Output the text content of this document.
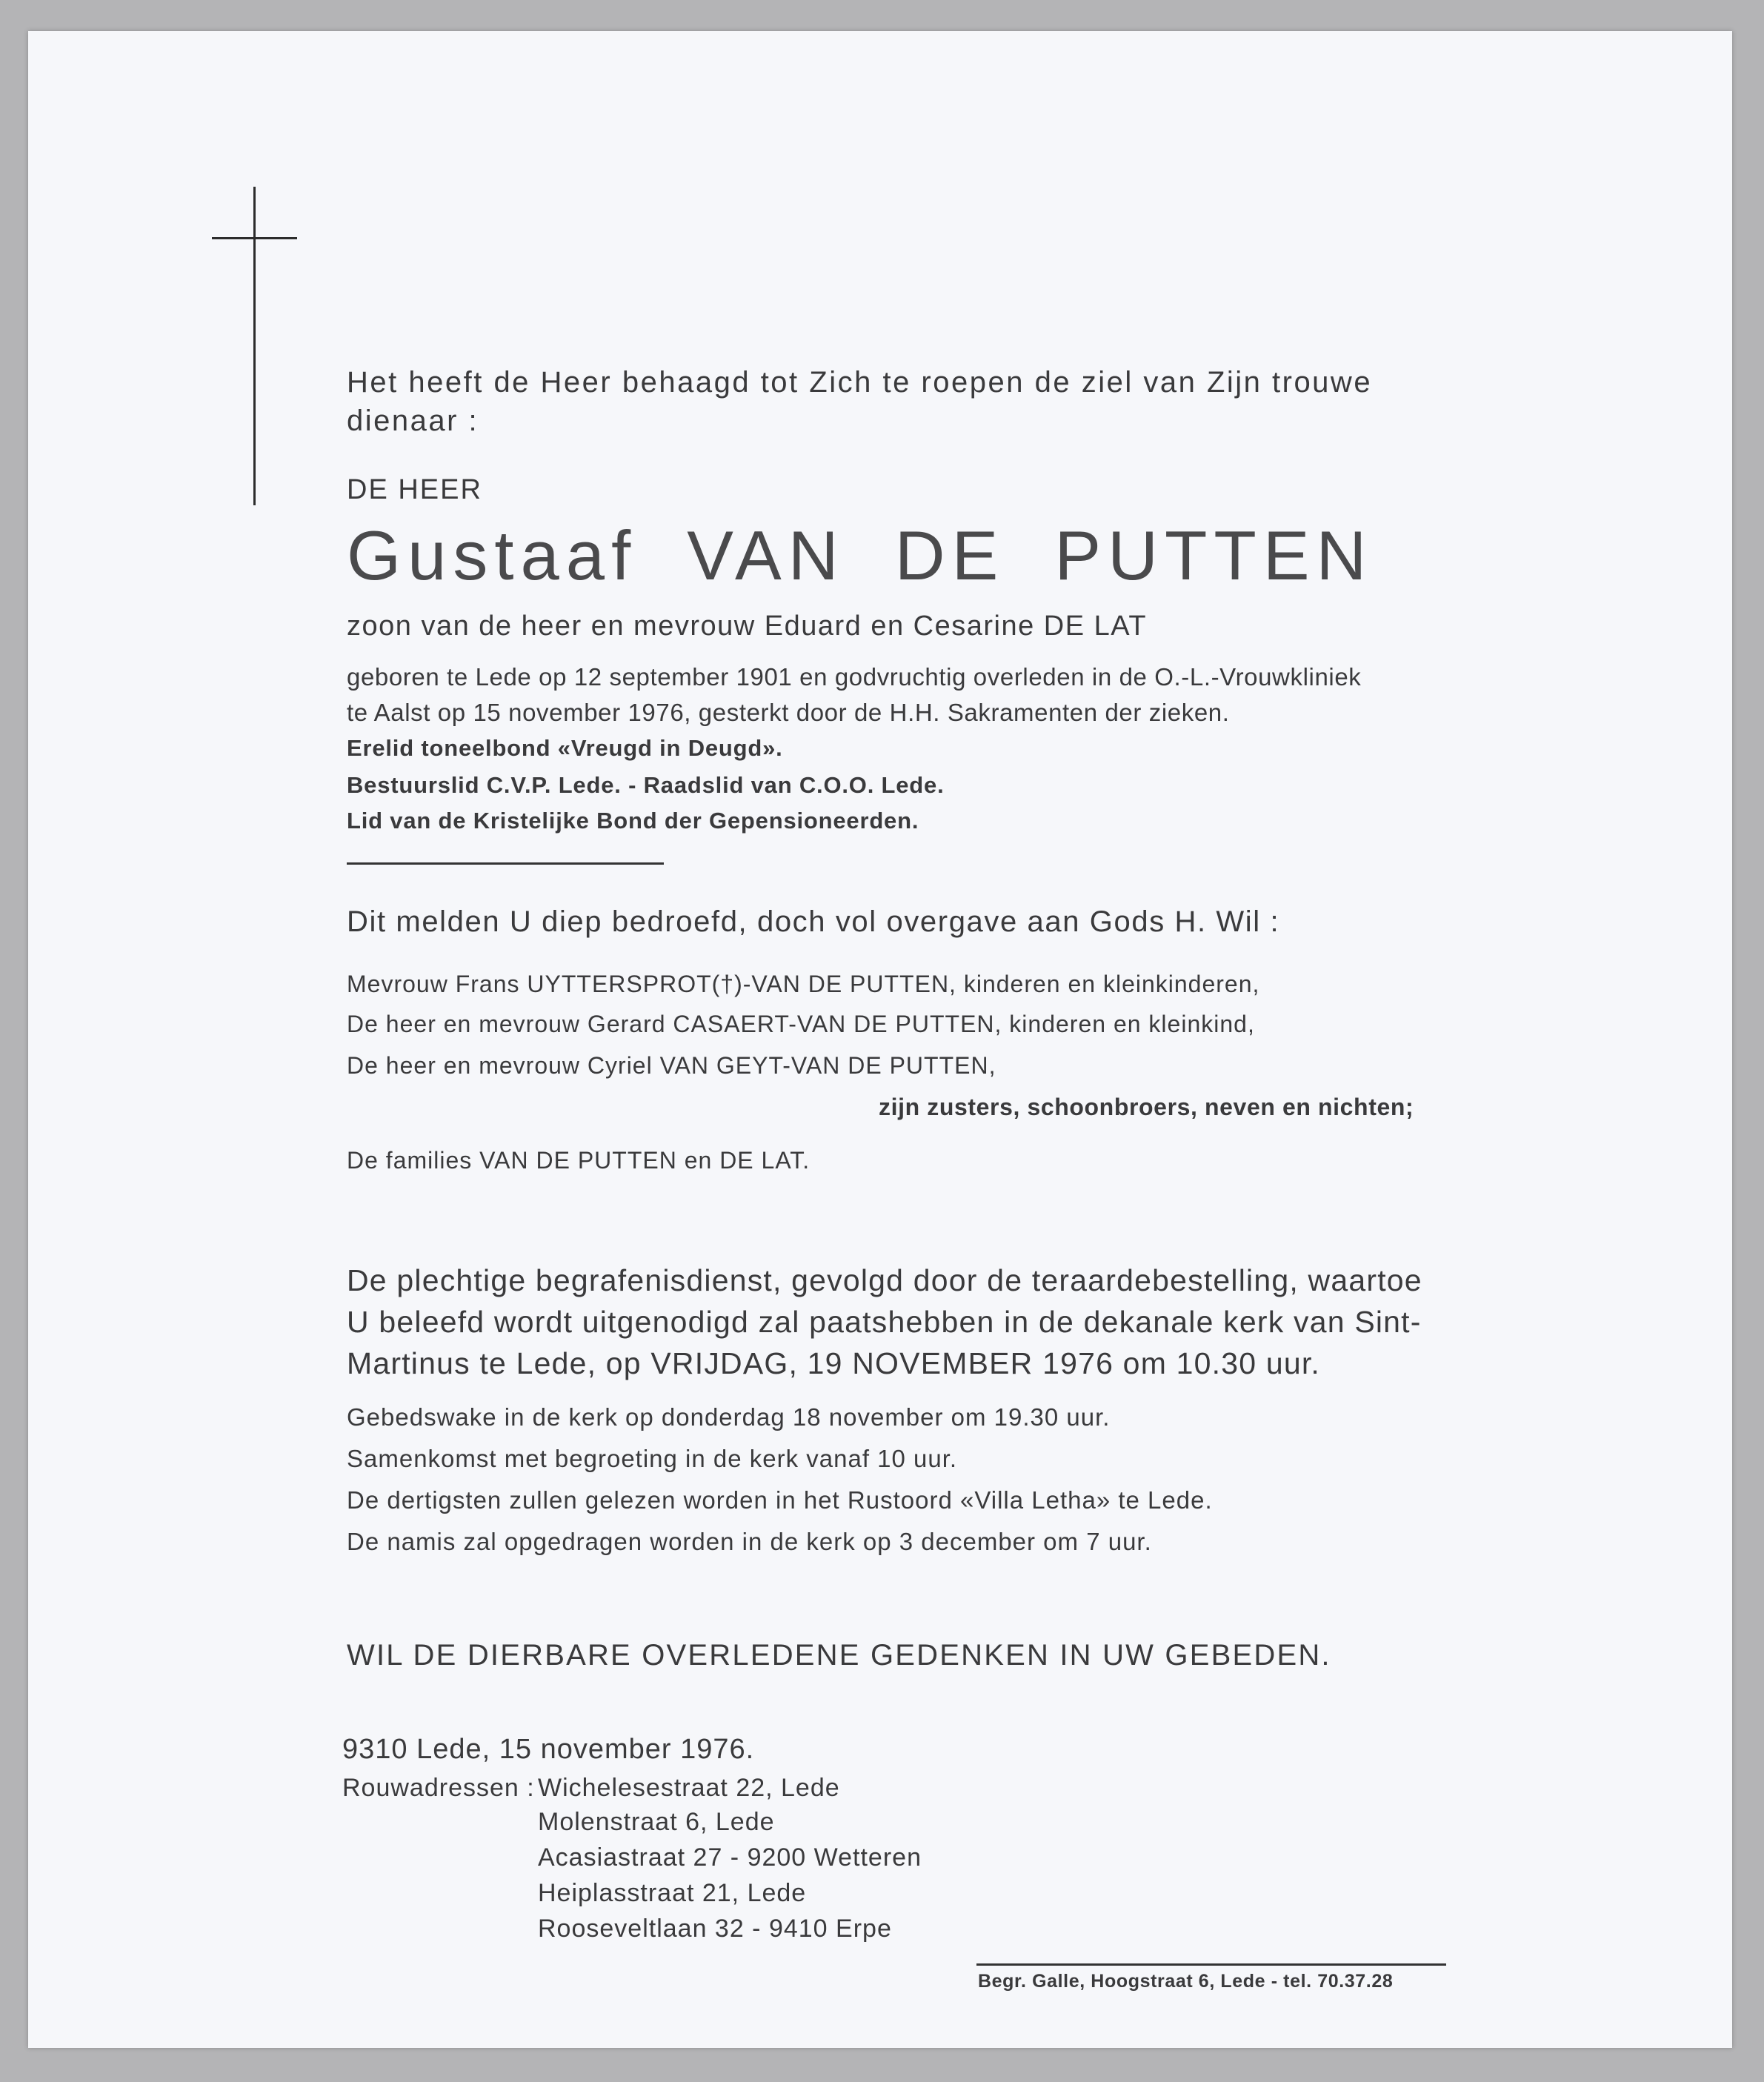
Het heeft de Heer behaagd tot Zich te roepen de ziel van Zijn trouwe dienaar :
DE HEER
Gustaaf VAN DE PUTTEN
zoon van de heer en mevrouw Eduard en Cesarine DE LAT
geboren te Lede op 12 september 1901 en godvruchtig overleden in de O.-L.-Vrouwkliniek
te Aalst op 15 november 1976, gesterkt door de H.H. Sakramenten der zieken.
Erelid toneelbond «Vreugd in Deugd».
Bestuurslid C.V.P. Lede. - Raadslid van C.O.O. Lede.
Lid van de Kristelijke Bond der Gepensioneerden.
Dit melden U diep bedroefd, doch vol overgave aan Gods H. Wil :
Mevrouw Frans UYTTERSPROT(†)-VAN DE PUTTEN, kinderen en kleinkinderen,
De heer en mevrouw Gerard CASAERT-VAN DE PUTTEN, kinderen en kleinkind,
De heer en mevrouw Cyriel VAN GEYT-VAN DE PUTTEN,
zijn zusters, schoonbroers, neven en nichten;
De families VAN DE PUTTEN en DE LAT.
De plechtige begrafenisdienst, gevolgd door de teraardebestelling, waartoe
U beleefd wordt uitgenodigd zal paatshebben in de dekanale kerk van Sint-
Martinus te Lede, op VRIJDAG, 19 NOVEMBER 1976 om 10.30 uur.
Gebedswake in de kerk op donderdag 18 november om 19.30 uur.
Samenkomst met begroeting in de kerk vanaf 10 uur.
De dertigsten zullen gelezen worden in het Rustoord «Villa Letha» te Lede.
De namis zal opgedragen worden in de kerk op 3 december om 7 uur.
WIL DE DIERBARE OVERLEDENE GEDENKEN IN UW GEBEDEN.
9310 Lede, 15 november 1976.
Rouwadressen : Wichelesestraat 22, Lede
Molenstraat 6, Lede
Acasiastraat 27 - 9200 Wetteren
Heiplasstraat 21, Lede
Rooseveltlaan 32 - 9410 Erpe
Begr. Galle, Hoogstraat 6, Lede - tel. 70.37.28
